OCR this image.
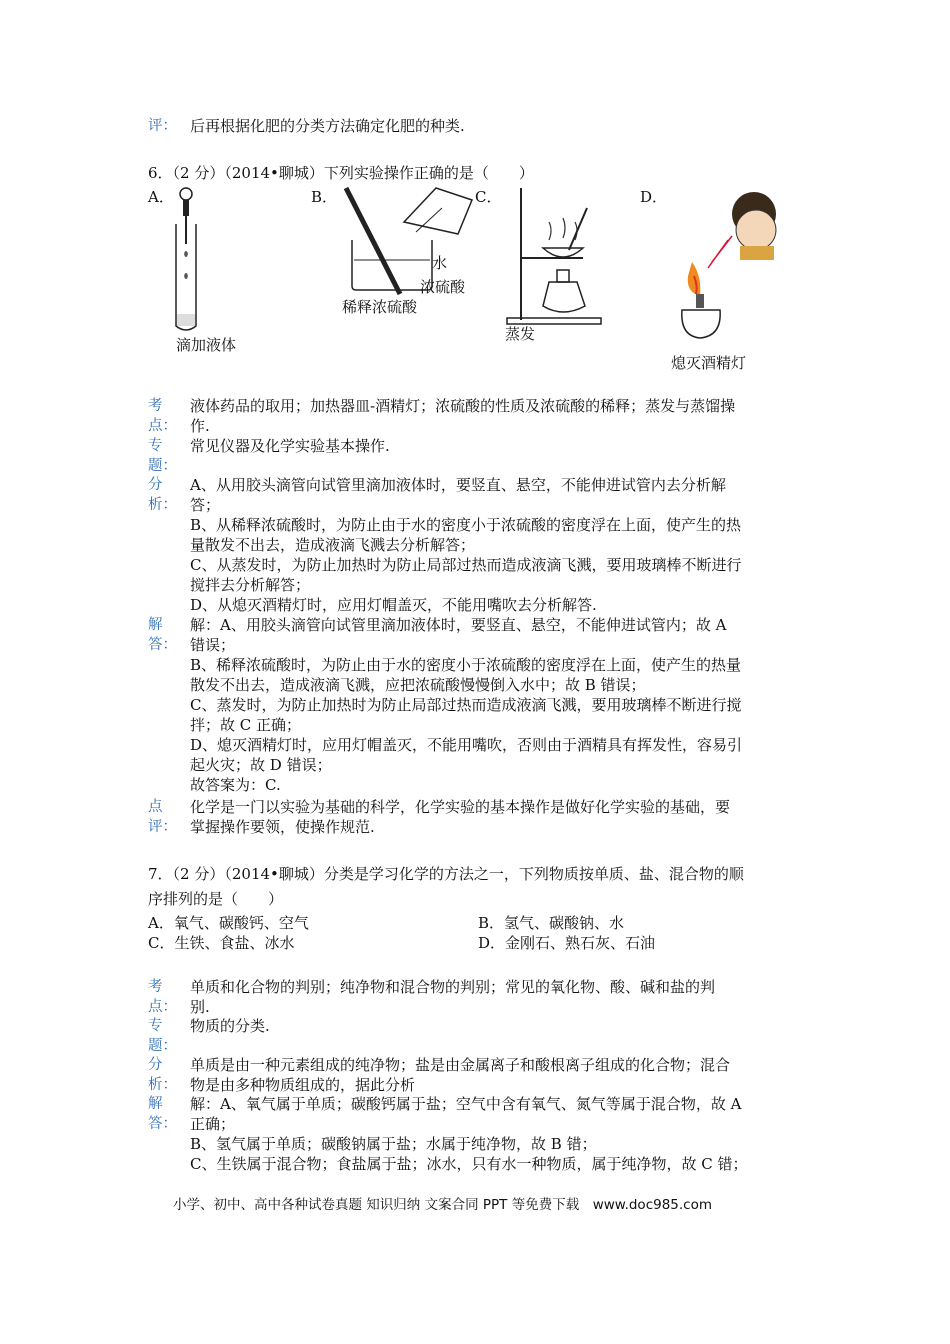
评： 后再根据化肥的分类方法确定化肥的种类.
6．（2 分）（2014•聊城）下列实验操作正确的是（　　）
A．	B．	C．	D．
滴加液体
水
浓硫酸
稀释浓硫酸
蒸发
熄灭酒精灯
考点：
液体药品的取用；加热器皿-酒精灯；浓硫酸的性质及浓硫酸的稀释；蒸发与蒸馏操
作.
专题：
常见仪器及化学实验基本操作.
分析：
A、从用胶头滴管向试管里滴加液体时，要竖直、悬空，不能伸进试管内去分析解
答；
B、从稀释浓硫酸时，为防止由于水的密度小于浓硫酸的密度浮在上面，使产生的热
量散发不出去，造成液滴飞溅去分析解答；
C、从蒸发时，为防止加热时为防止局部过热而造成液滴飞溅，要用玻璃棒不断进行
搅拌去分析解答；
D、从熄灭酒精灯时，应用灯帽盖灭，不能用嘴吹去分析解答.
解答：
解：A、用胶头滴管向试管里滴加液体时，要竖直、悬空，不能伸进试管内；故 A
错误；
B、稀释浓硫酸时，为防止由于水的密度小于浓硫酸的密度浮在上面，使产生的热量
散发不出去，造成液滴飞溅，应把浓硫酸慢慢倒入水中；故 B 错误；
C、蒸发时，为防止加热时为防止局部过热而造成液滴飞溅，要用玻璃棒不断进行搅
拌；故 C 正确；
D、熄灭酒精灯时，应用灯帽盖灭，不能用嘴吹，否则由于酒精具有挥发性，容易引
起火灾；故 D 错误；
故答案为：C.
点评：
化学是一门以实验为基础的科学，化学实验的基本操作是做好化学实验的基础，要
掌握操作要领，使操作规范.
7．（2 分）（2014•聊城）分类是学习化学的方法之一，下列物质按单质、盐、混合物的顺
序排列的是（　　）
A．氧气、碳酸钙、空气	B．氢气、碳酸钠、水
C．生铁、食盐、冰水	D．金刚石、熟石灰、石油
考点：
单质和化合物的判别；纯净物和混合物的判别；常见的氧化物、酸、碱和盐的判
别.
专题：
物质的分类.
分析：
单质是由一种元素组成的纯净物；盐是由金属离子和酸根离子组成的化合物；混合
物是由多种物质组成的，据此分析
解答：
解：A、氧气属于单质；碳酸钙属于盐；空气中含有氧气、氮气等属于混合物，故 A
正确；
B、氢气属于单质；碳酸钠属于盐；水属于纯净物，故 B 错；
C、生铁属于混合物；食盐属于盐；冰水，只有水一种物质，属于纯净物，故 C 错；
小学、初中、高中各种试卷真题 知识归纳 文案合同 PPT 等免费下载　www.doc985.com
